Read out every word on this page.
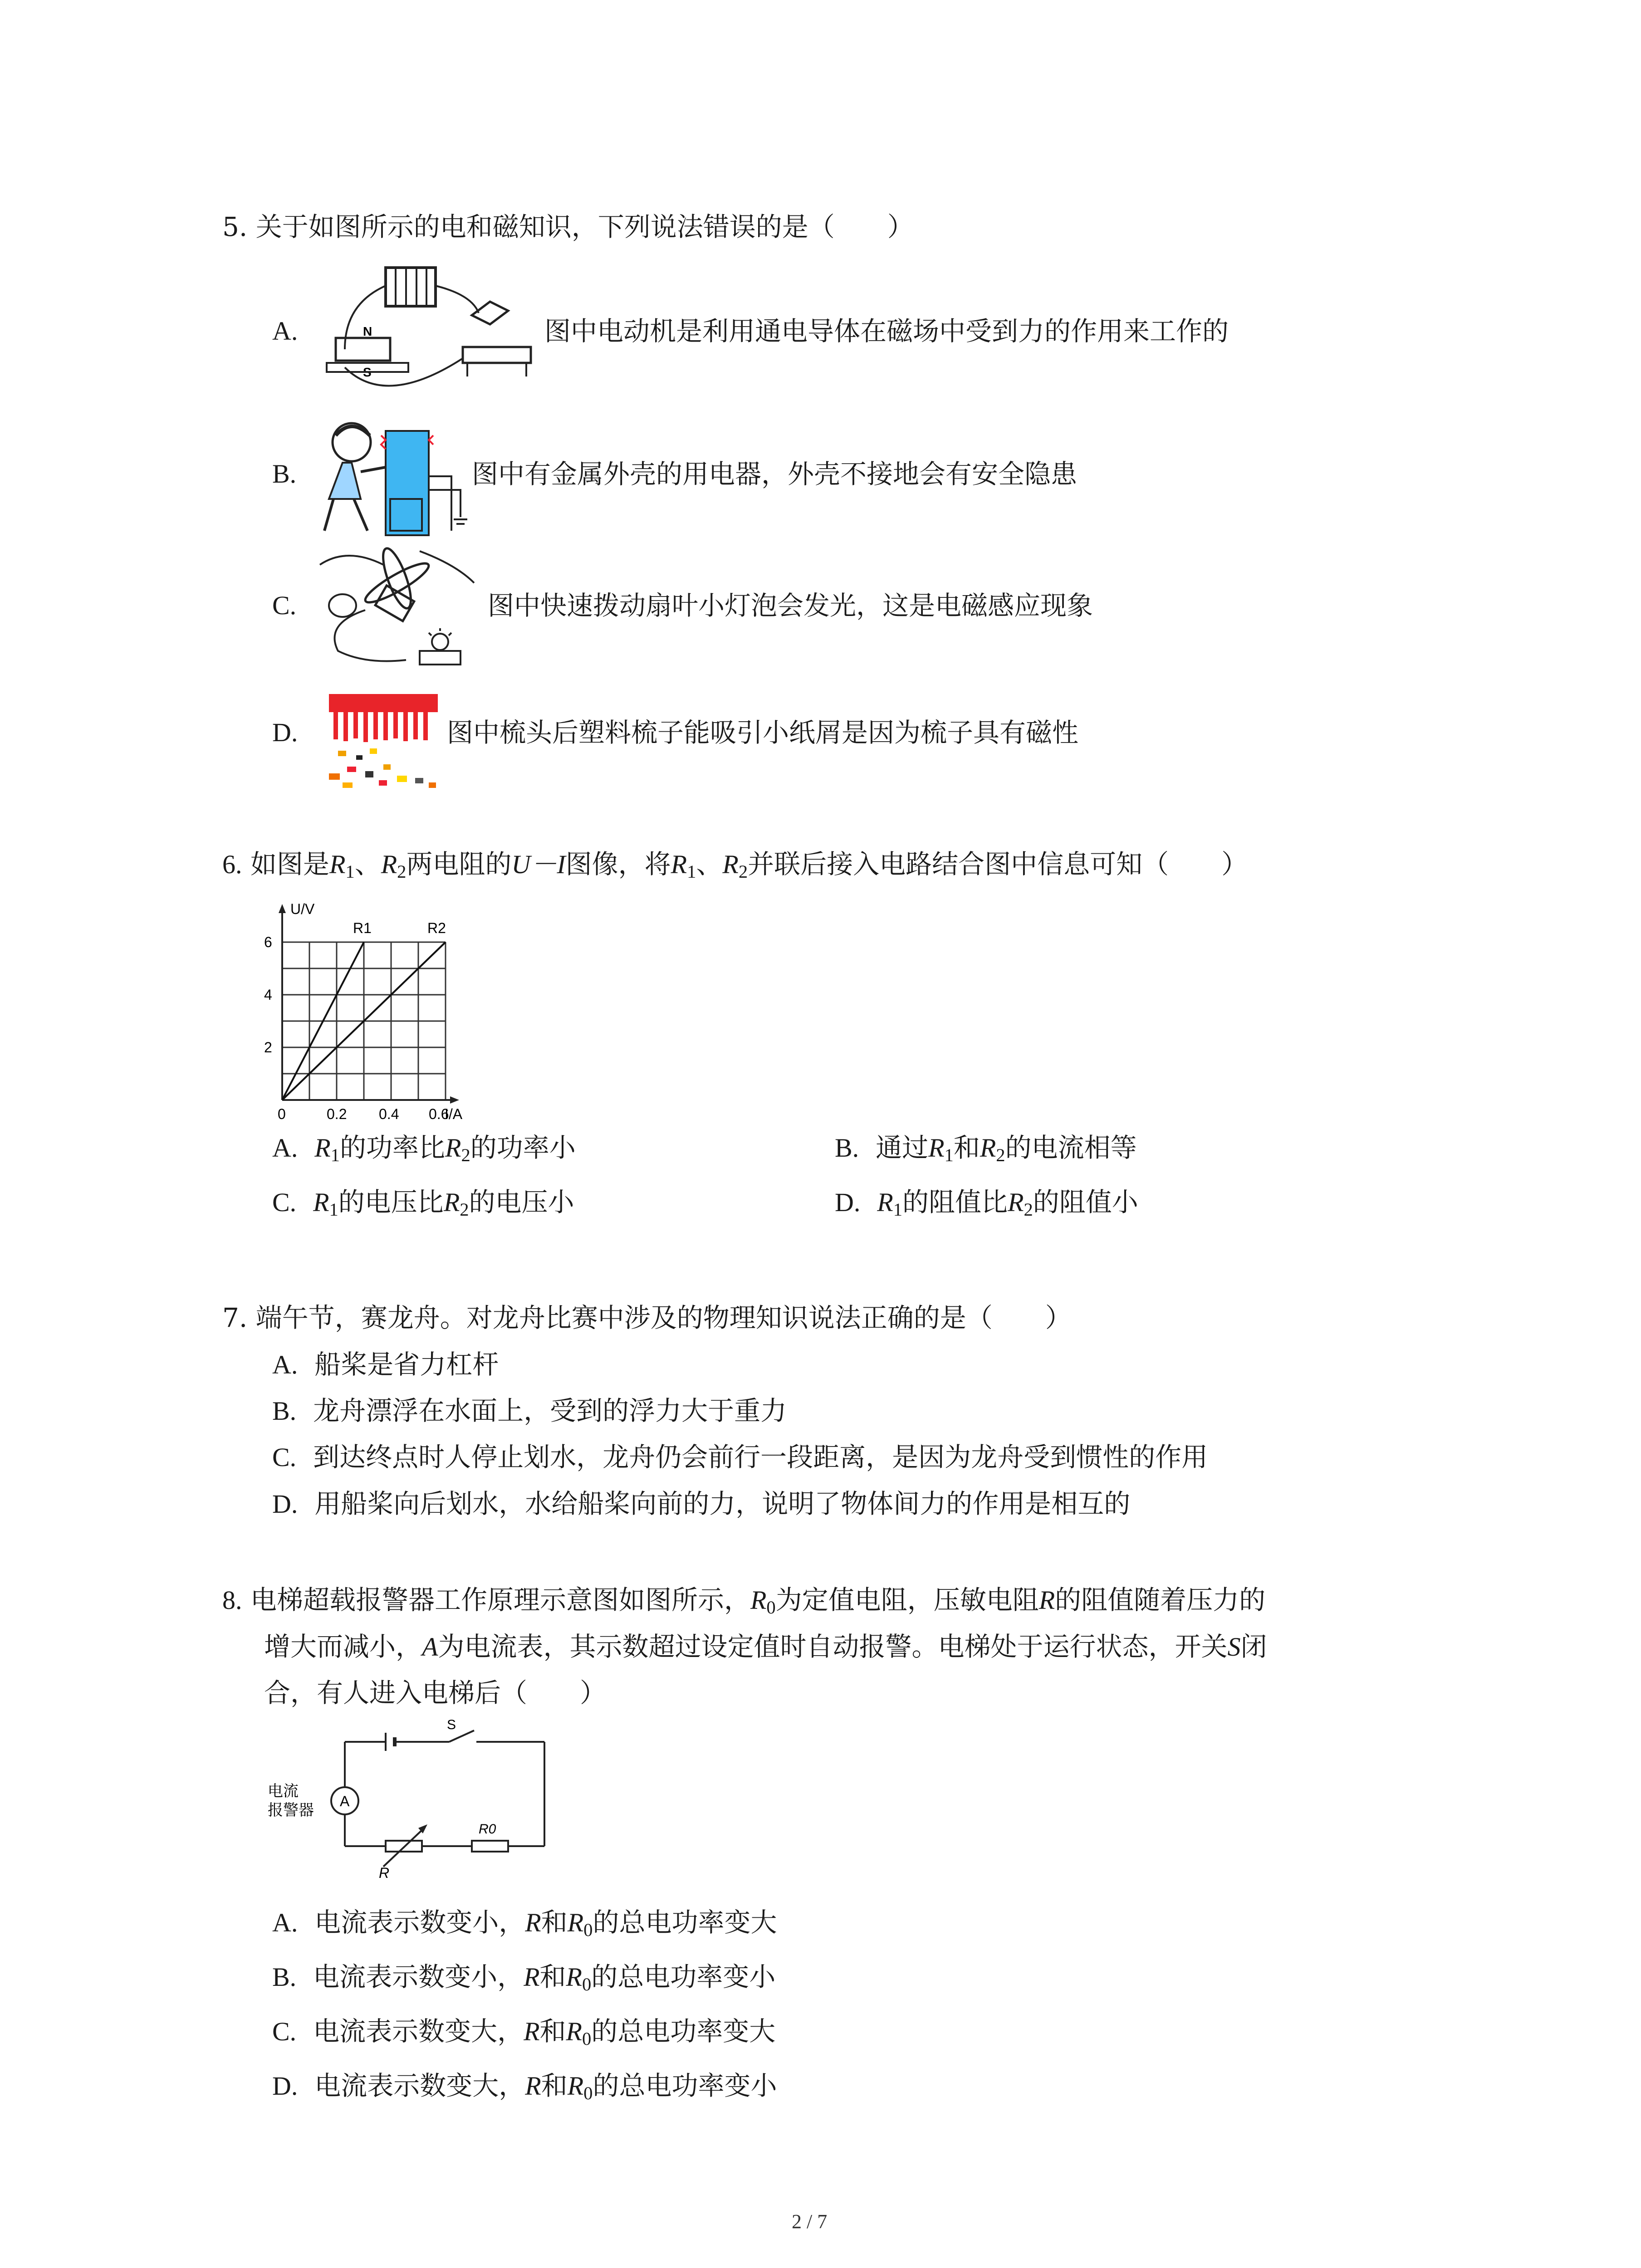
5. 关于如图所示的电和磁知识，下列说法错误的是（　　）
A.	N
S
图中电动机是利用通电导体在磁场中受到力的作用来工作的
B.	图中有金属外壳的用电器，外壳不接地会有安全隐患
C.	图中快速拨动扇叶小灯泡会发光，这是电磁感应现象
D.	图中梳头后塑料梳子能吸引小纸屑是因为梳子具有磁性
6. 如图是$R_1$、$R_2$两电阻的U－I图像，将$R_1$、$R_2$并联后接入电路结合图中信息可知（　　）
U/V
I/A
2
4
6
0	0.2 0.4 0.6
R1	R2
A. $R_1$的功率比$R_2$的功率小	B. 通过$R_1$和$R_2$的电流相等
C. $R_1$的电压比$R_2$的电压小	D. $R_1$的阻值比$R_2$的阻值小
7. 端午节，赛龙舟。对龙舟比赛中涉及的物理知识说法正确的是（　　）
A. 船桨是省力杠杆
B. 龙舟漂浮在水面上，受到的浮力大于重力
C. 到达终点时人停止划水，龙舟仍会前行一段距离，是因为龙舟受到惯性的作用
D. 用船桨向后划水，水给船桨向前的力，说明了物体间力的作用是相互的
8. 电梯超载报警器工作原理示意图如图所示，$R_0$为定值电阻，压敏电阻R的阻值随着压力的
增大而减小，A为电流表，其示数超过设定值时自动报警。电梯处于运行状态，开关S闭
合，有人进入电梯后（　　）
S
A
电流
报警器
R
R0
A. 电流表示数变小，R和$R_0$的总电功率变大
B. 电流表示数变小，R和$R_0$的总电功率变小
C. 电流表示数变大，R和$R_0$的总电功率变大
D. 电流表示数变大，R和$R_0$的总电功率变小
2 / 7
